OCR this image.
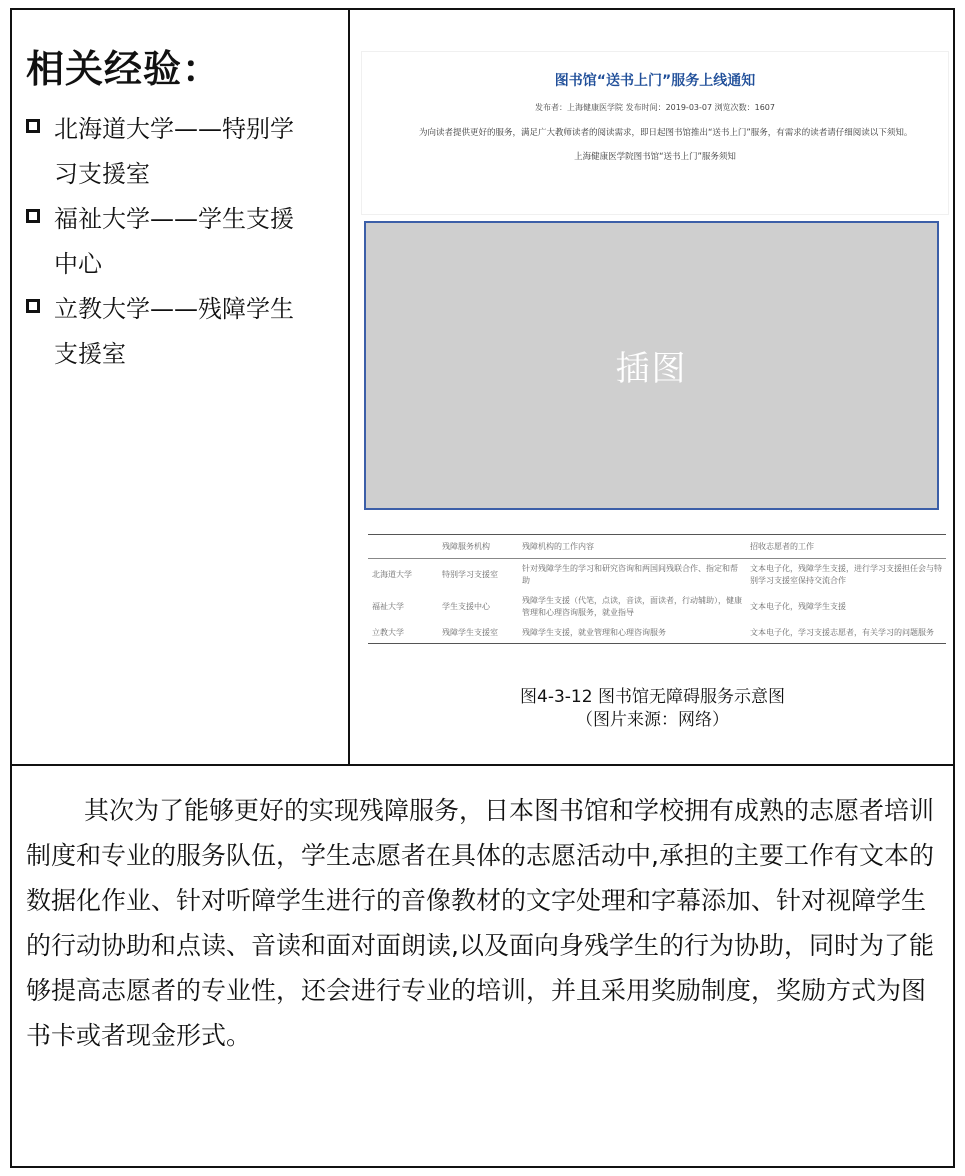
相关经验：
北海道大学——特别学
习支援室
福祉大学——学生支援
中心
立教大学——残障学生
支援室
图书馆“送书上门”服务上线通知
发布者：上海健康医学院 发布时间：2019-03-07 浏览次数：1607
为向读者提供更好的服务，满足广大教师读者的阅读需求，即日起图书馆推出“送书上门”服务，有需求的读者请仔细阅读以下须知。
上海健康医学院图书馆“送书上门”服务须知
插图
	残障服务机构	残障机构的工作内容	招收志愿者的工作
北海道大学	特别学习支援室	针对残障学生的学习和研究咨询和两国间残联合作、指定和帮助	文本电子化，残障学生支援，进行学习支援担任会与特别学习支援室保持交流合作
福祉大学	学生支援中心	残障学生支援（代笔，点读，音读，面读者，行动辅助），健康管理和心理咨询服务，就业指导	文本电子化，残障学生支援
立教大学	残障学生支援室	残障学生支援，就业管理和心理咨询服务	文本电子化，学习支援志愿者，有关学习的问题服务
图4-3-12 图书馆无障碍服务示意图
（图片来源：网络）

其次为了能够更好的实现残障服务，日本图书馆和学校拥有成熟的志愿者培训制度和专业的服务队伍，学生志愿者在具体的志愿活动中,承担的主要工作有文本的数据化作业、针对听障学生进行的音像教材的文字处理和字幕添加、针对视障学生的行动协助和点读、音读和面对面朗读,以及面向身残学生的行为协助，同时为了能够提高志愿者的专业性，还会进行专业的培训，并且采用奖励制度，奖励方式为图书卡或者现金形式。
